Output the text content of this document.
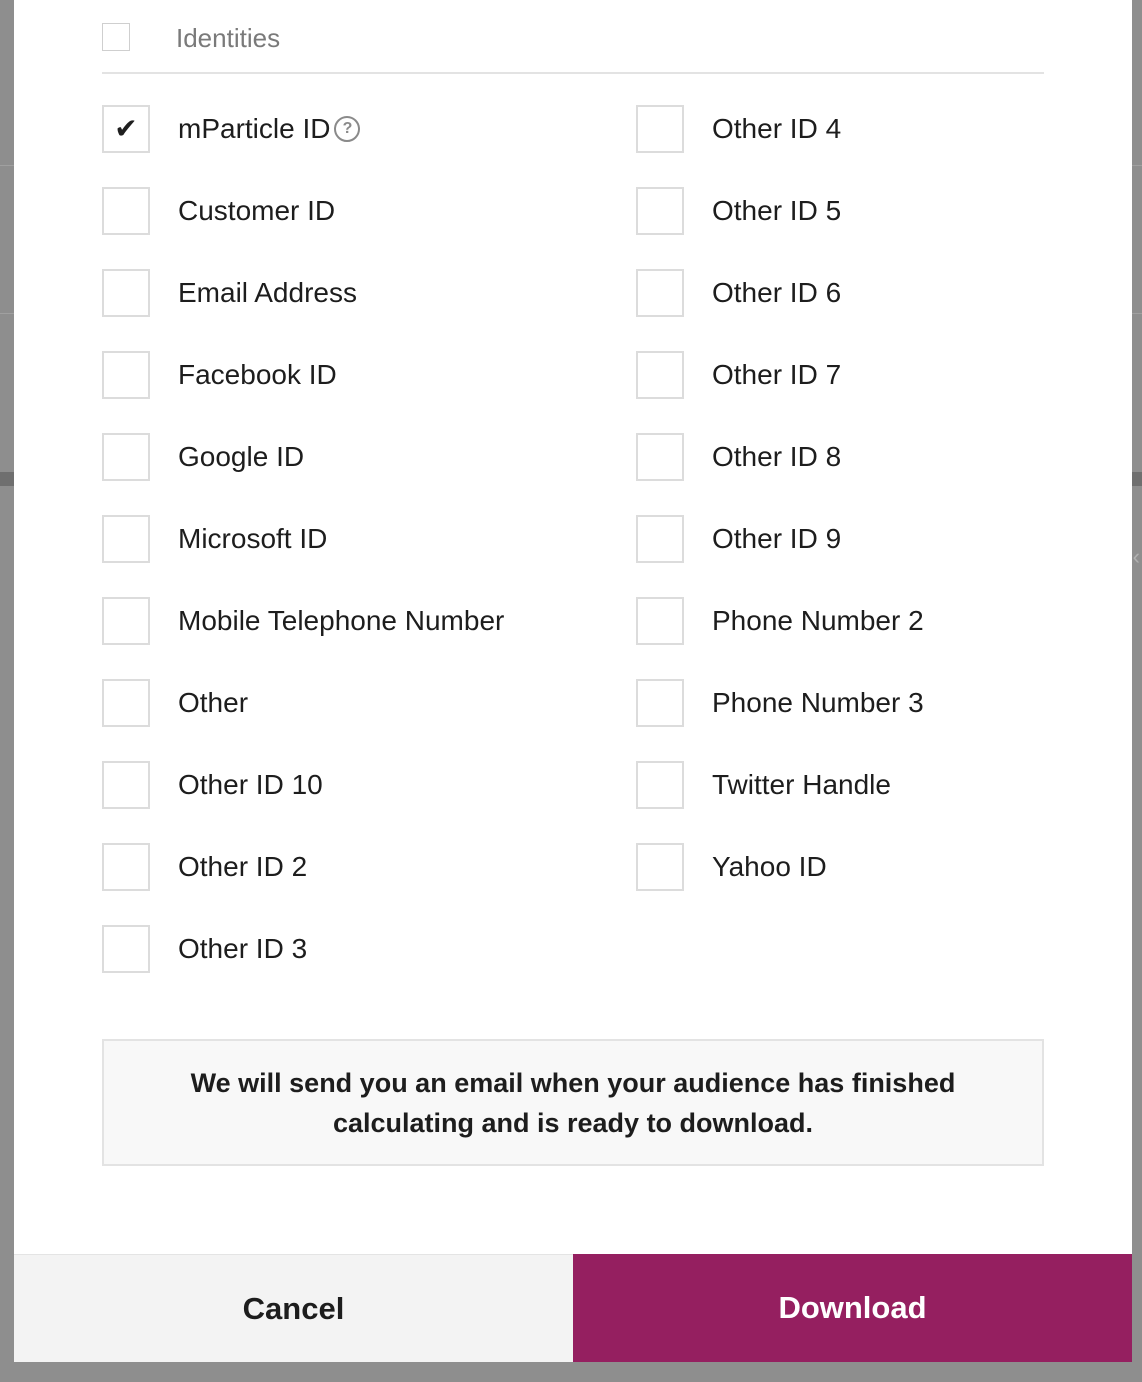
‹
Identities
✔ mParticle ID ?
Customer ID
Email Address
Facebook ID
Google ID
Microsoft ID
Mobile Telephone Number
Other
Other ID 10
Other ID 2
Other ID 3
Other ID 4
Other ID 5
Other ID 6
Other ID 7
Other ID 8
Other ID 9
Phone Number 2
Phone Number 3
Twitter Handle
Yahoo ID
We will send you an email when your audience has finished calculating and is ready to download.
Cancel	Download
